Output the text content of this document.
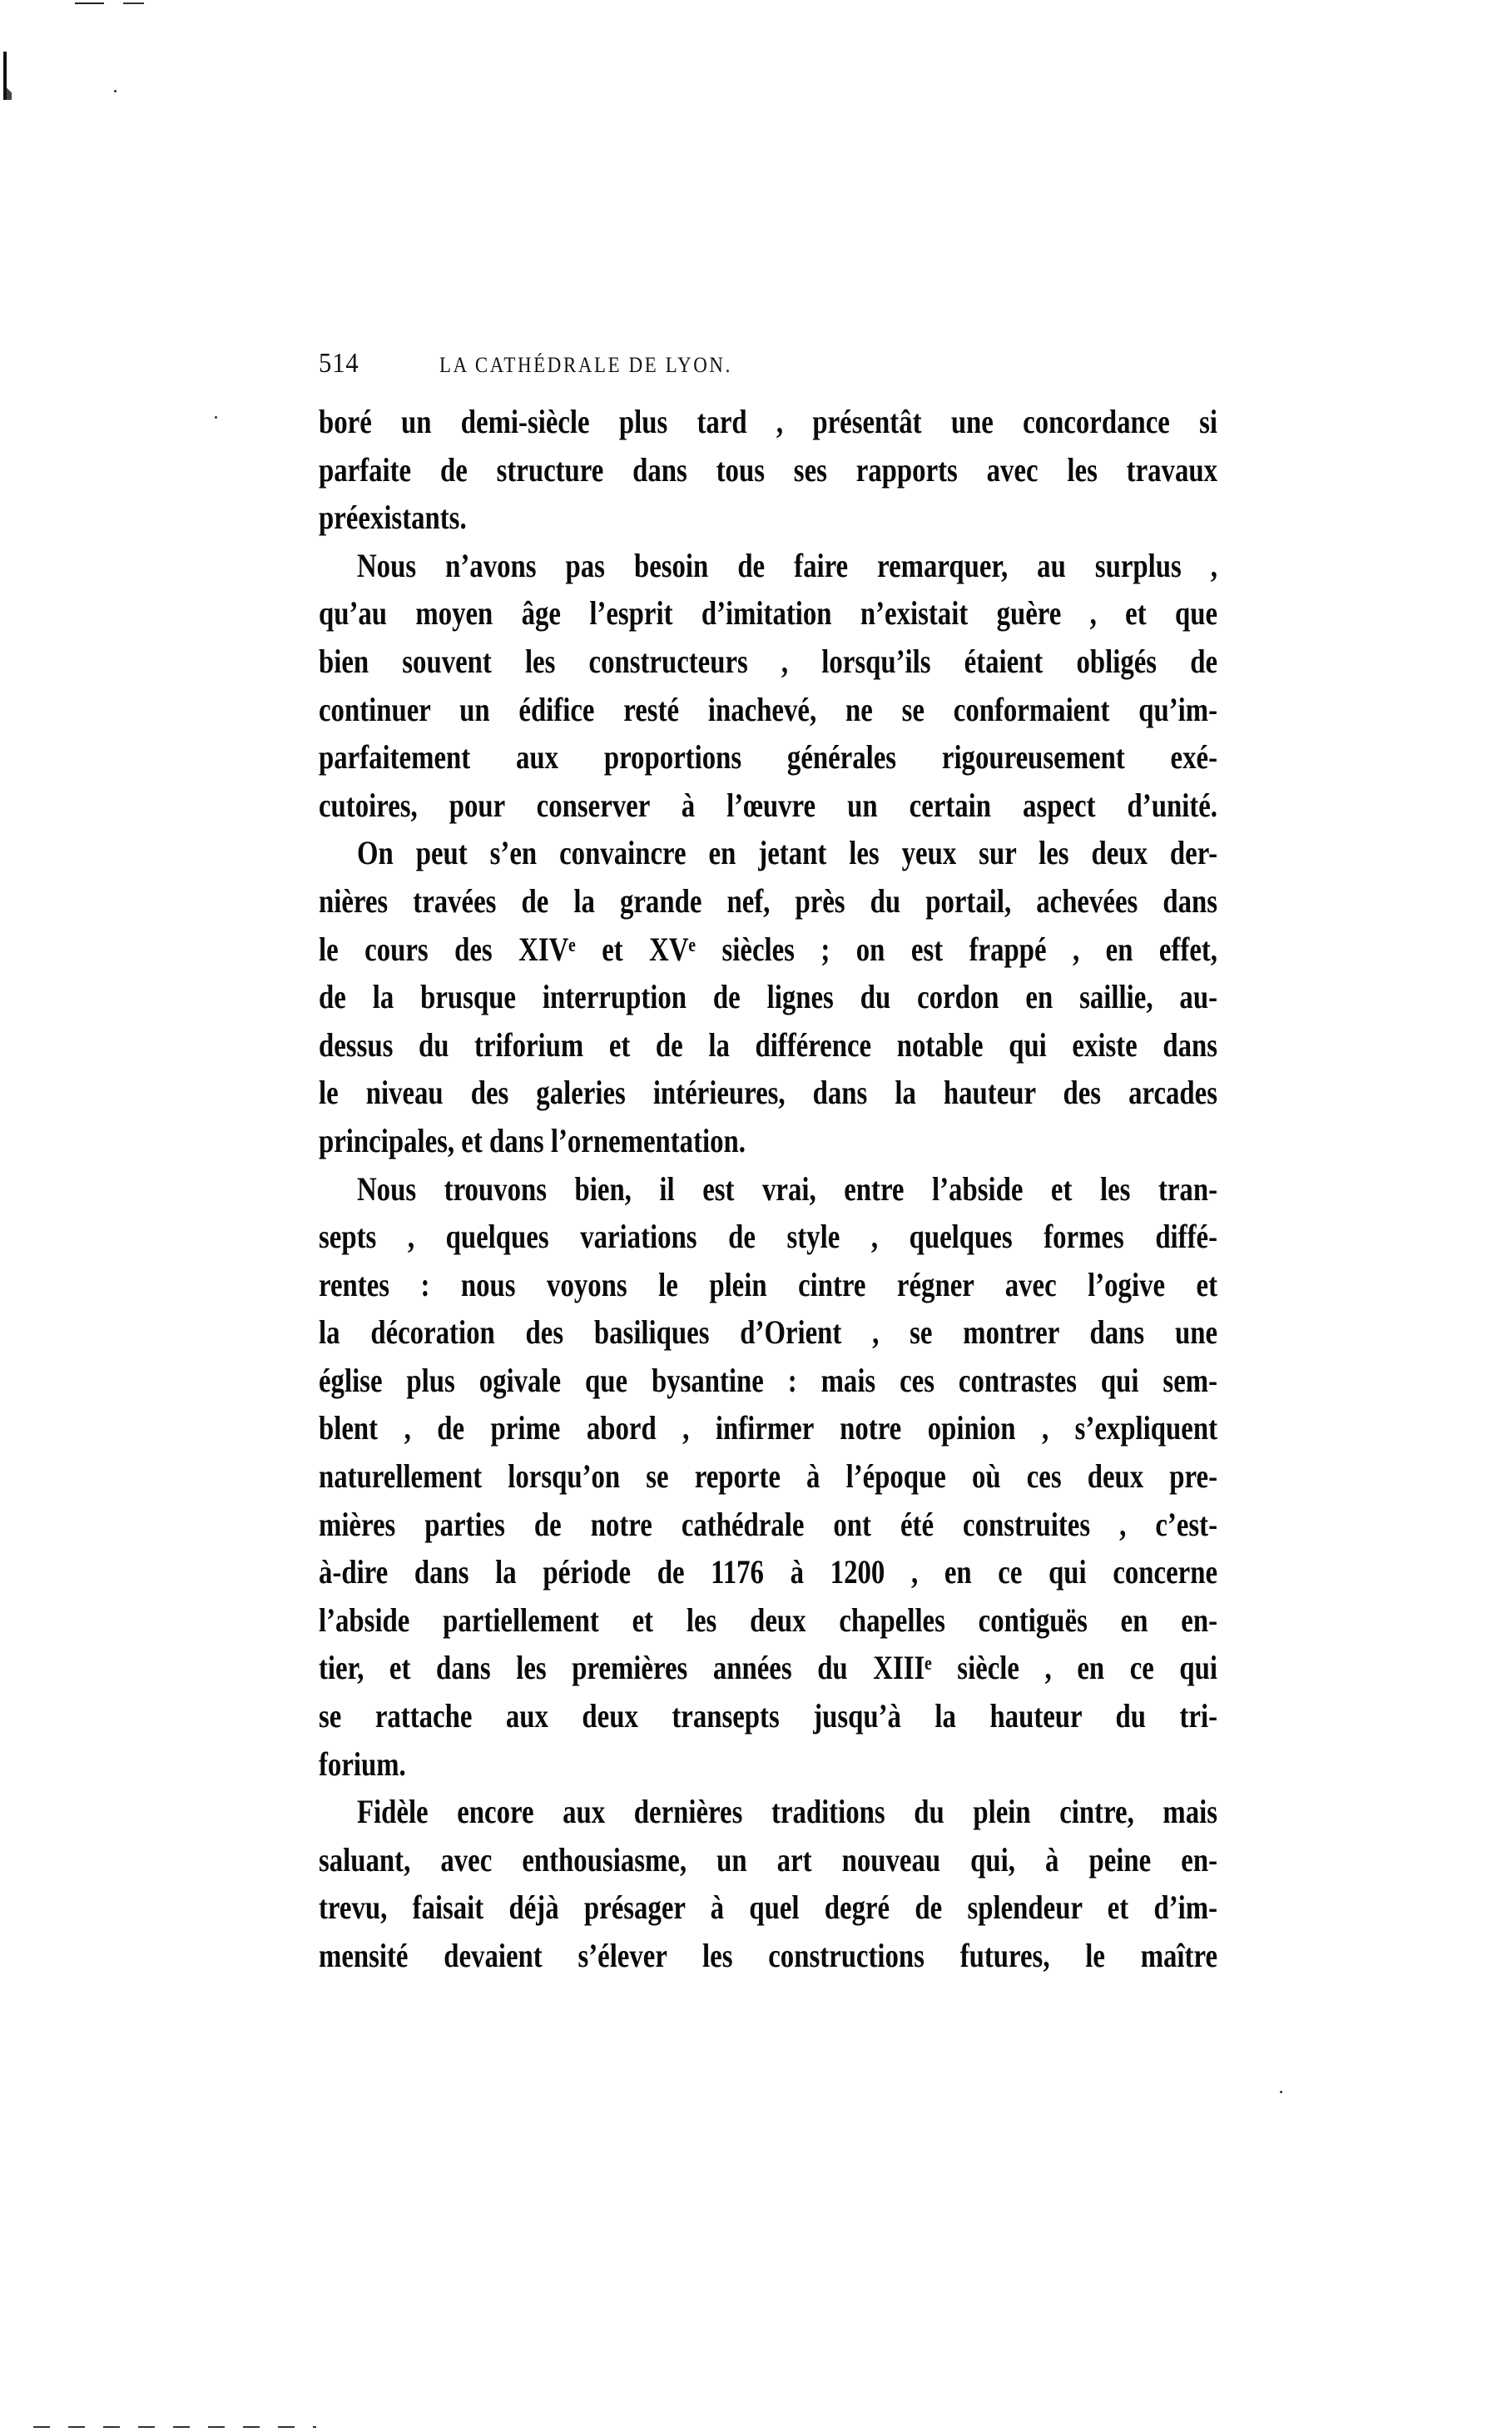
514	LA CATHÉDRALE DE LYON.
boré un demi-siècle plus tard , présentât une concordance si
parfaite de structure dans tous ses rapports avec les travaux
préexistants.
Nous n’avons pas besoin de faire remarquer, au surplus ,
qu’au moyen âge l’esprit d’imitation n’existait guère , et que
bien souvent les constructeurs , lorsqu’ils étaient obligés de
continuer un édifice resté inachevé, ne se conformaient qu’im-
parfaitement aux proportions générales rigoureusement exé-
cutoires, pour conserver à l’œuvre un certain aspect d’unité.
On peut s’en convaincre en jetant les yeux sur les deux der-
nières travées de la grande nef, près du portail, achevées dans
le cours des XIVᵉ et XVᵉ siècles ; on est frappé , en effet,
de la brusque interruption de lignes du cordon en saillie, au-
dessus du triforium et de la différence notable qui existe dans
le niveau des galeries intérieures, dans la hauteur des arcades
principales, et dans l’ornementation.
Nous trouvons bien, il est vrai, entre l’abside et les tran-
septs , quelques variations de style , quelques formes diffé-
rentes : nous voyons le plein cintre régner avec l’ogive et
la décoration des basiliques d’Orient , se montrer dans une
église plus ogivale que bysantine : mais ces contrastes qui sem-
blent , de prime abord , infirmer notre opinion , s’expliquent
naturellement lorsqu’on se reporte à l’époque où ces deux pre-
mières parties de notre cathédrale ont été construites , c’est-
à-dire dans la période de 1176 à 1200 , en ce qui concerne
l’abside partiellement et les deux chapelles contiguës en en-
tier, et dans les premières années du XIIIᵉ siècle , en ce qui
se rattache aux deux transepts jusqu’à la hauteur du tri-
forium.
Fidèle encore aux dernières traditions du plein cintre, mais
saluant, avec enthousiasme, un art nouveau qui, à peine en-
trevu, faisait déjà présager à quel degré de splendeur et d’im-
mensité devaient s’élever les constructions futures, le maître
